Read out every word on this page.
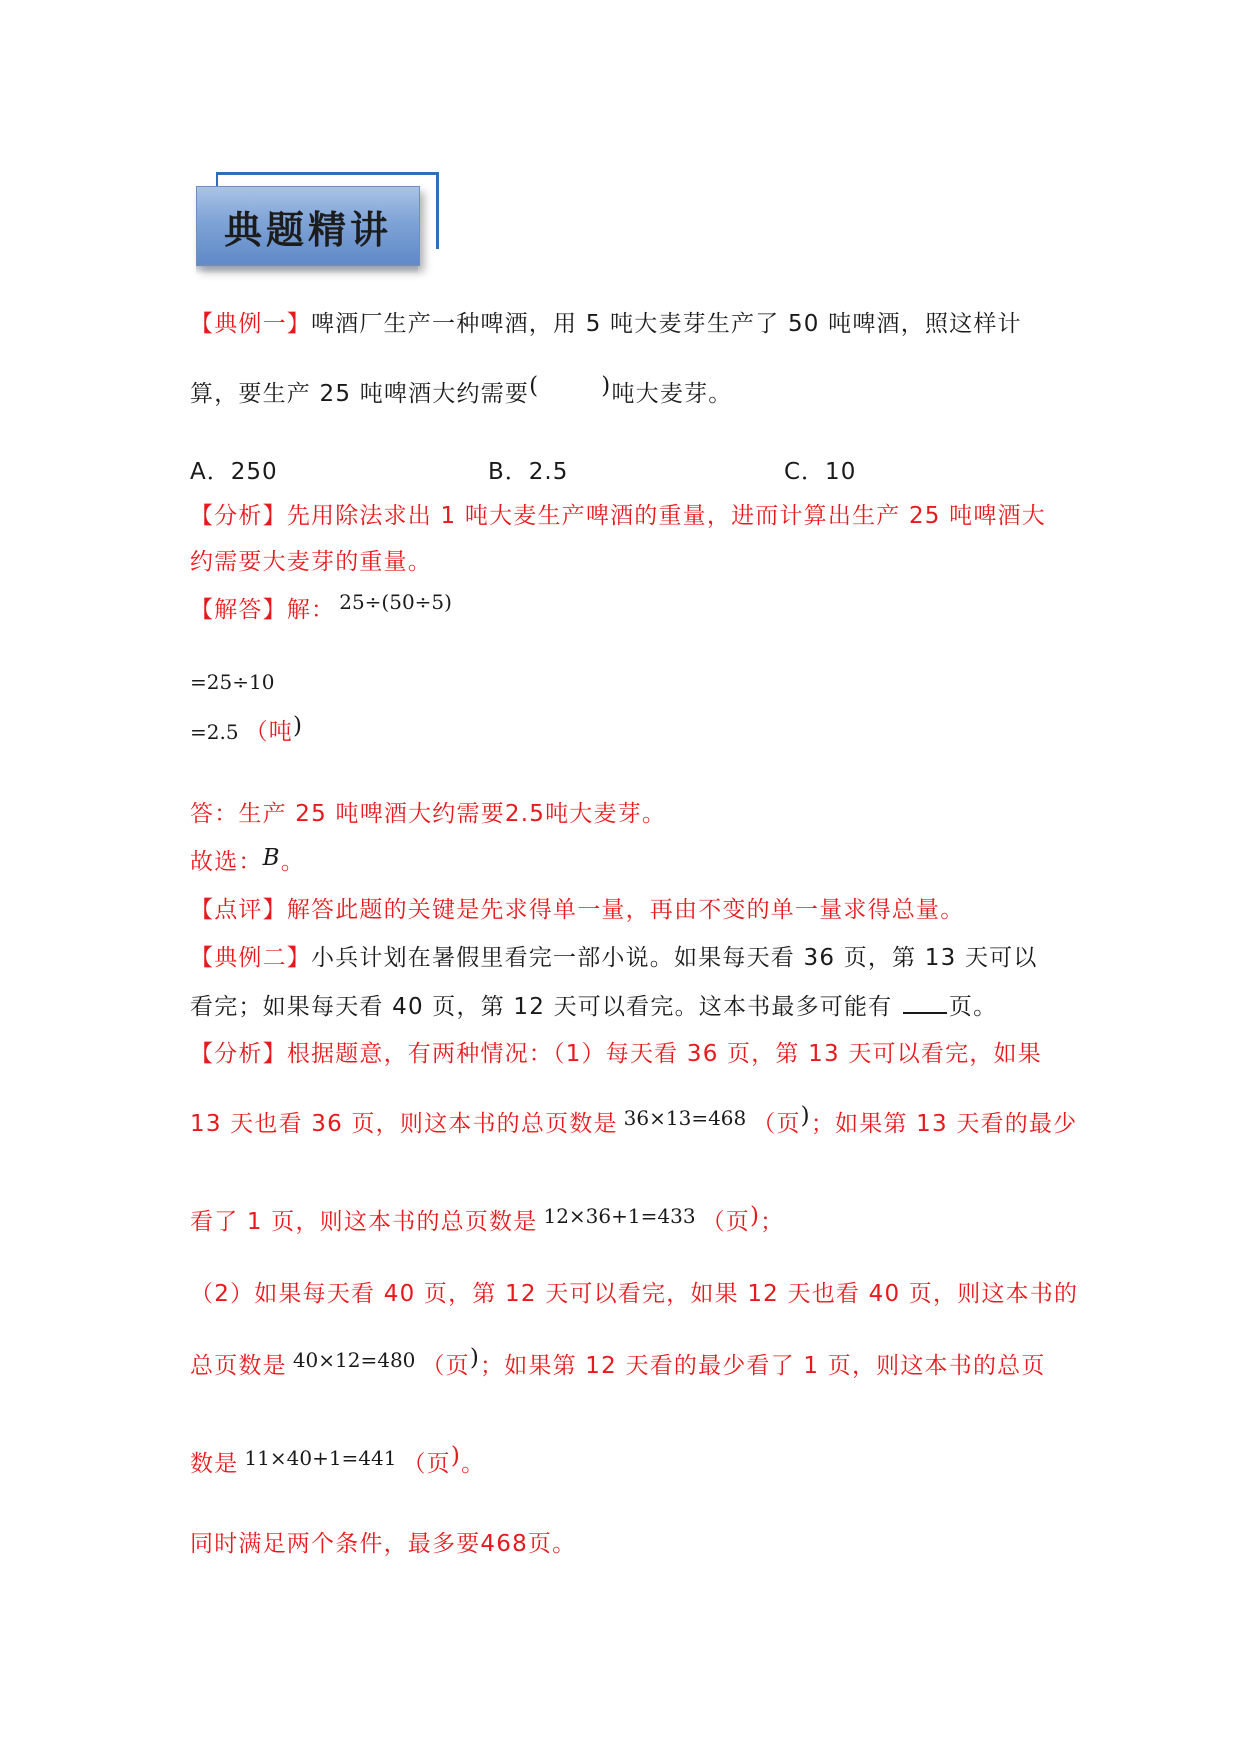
典题精讲
【典例一】啤酒厂生产一种啤酒，用 5 吨大麦芽生产了 50 吨啤酒，照这样计
算，要生产 25 吨啤酒大约需要(	)吨大麦芽。
A．250	B．2.5	C．10
【分析】先用除法求出 1 吨大麦生产啤酒的重量，进而计算出生产 25 吨啤酒大
约需要大麦芽的重量。
【解答】解： 25÷(50÷5)
=25÷10
=2.5 （吨)
答：生产 25 吨啤酒大约需要2.5吨大麦芽。
故选：B。
【点评】解答此题的关键是先求得单一量，再由不变的单一量求得总量。
【典例二】小兵计划在暑假里看完一部小说。如果每天看 36 页，第 13 天可以
看完；如果每天看 40 页，第 12 天可以看完。这本书最多可能有 页。
【分析】根据题意，有两种情况：（1）每天看 36 页，第 13 天可以看完，如果
13 天也看 36 页，则这本书的总页数是 36×13=468 （页)；如果第 13 天看的最少
看了 1 页，则这本书的总页数是 12×36+1=433 （页)；
（2）如果每天看 40 页，第 12 天可以看完，如果 12 天也看 40 页，则这本书的
总页数是 40×12=480 （页)；如果第 12 天看的最少看了 1 页，则这本书的总页
数是 11×40+1=441 （页)。
同时满足两个条件，最多要468页。
